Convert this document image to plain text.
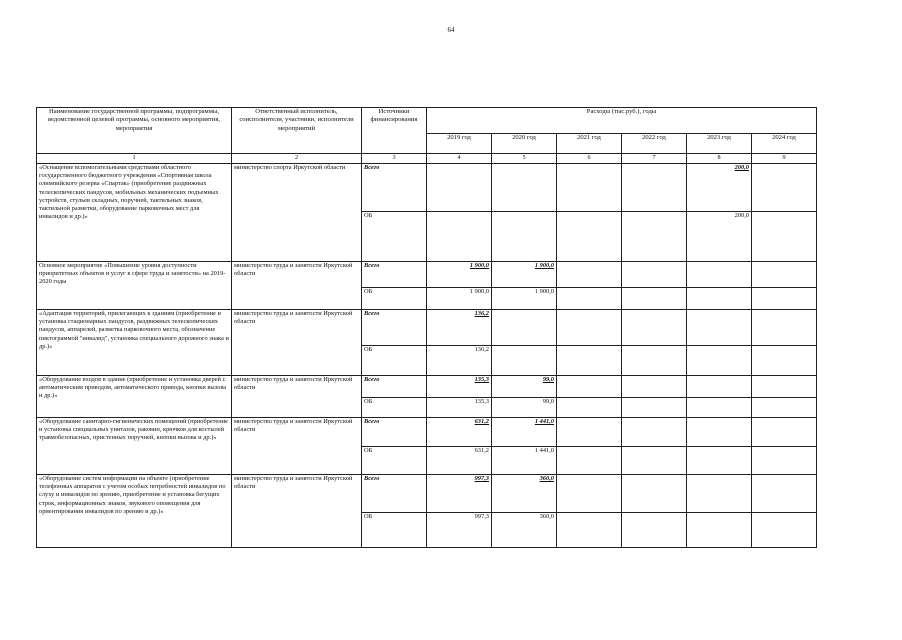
64
Наименование государственной программы, подпрограммы, ведомственной целевой программы, основного мероприятия, мероприятия	Ответственный исполнитель, соисполнители, участники, исполнители мероприятий	Источники финансирования	Расходы (тыс.руб.), годы					
			2019 год	2020 год	2021 год	2022 год	2023 год	2024 год
1	2	3	4	5	6	7	8	9
«Оснащение вспомогательными средствами областного государственного бюджетного учреждения «Спортивная школа олимпийского резерва «Спартак» (приобретение раздвижных телескопических пандусов, мобильных механических подъемных устройств, стульев складных, поручней, тактильных знаков, тактильной разметки, оборудование парковочных мест для инвалидов и др.)»	министерство спорта Иркутской области	Всего					200,0	
		ОБ					200,0	
Основное мероприятие «Повышение уровня доступности приоритетных объектов и услуг в сфере труда и занятости» на 2019-2020 годы	министерство труда и занятости Иркутской области	Всего	1 900,0	1 900,0				
		ОБ	1 900,0	1 900,0				
«Адаптация территорий, прилегающих к зданиям (приобретение и установка стационарных пандусов, раздвижных телескопических пандусов, аппарелей, разметка парковочного места, обозначение пиктограммой "инвалид", установка специального дорожного знака и др.)»	министерство труда и занятости Иркутской области	Всего	136,2					
		ОБ	136,2					
«Оборудование входов в здание (приобретение и установка дверей с автоматическим приводом, автоматического привода, кнопки вызова и др.)»	министерство труда и занятости Иркутской области	Всего	135,3	99,0				
		ОБ	135,3	99,0				
«Оборудование санитарно-гигиенических помещений (приобретение и установка специальных унитазов, раковин, крючков для костылей травмобезопасных, пристенных поручней, кнопки вызова и др.)»	министерство труда и занятости Иркутской области	Всего	631,2	1 441,0				
		ОБ	631,2	1 441,0				
«Оборудование систем информации на объекте (приобретение телефонных аппаратов с учетом особых потребностей инвалидов по слуху и инвалидов по зрению, приобретение и установка бегущих строк, информационных знаков, звукового оповещения для ориентирования инвалидов по зрению и др.)»	министерство труда и занятости Иркутской области	Всего	997,3	360,0				
		ОБ	997,3	360,0				
